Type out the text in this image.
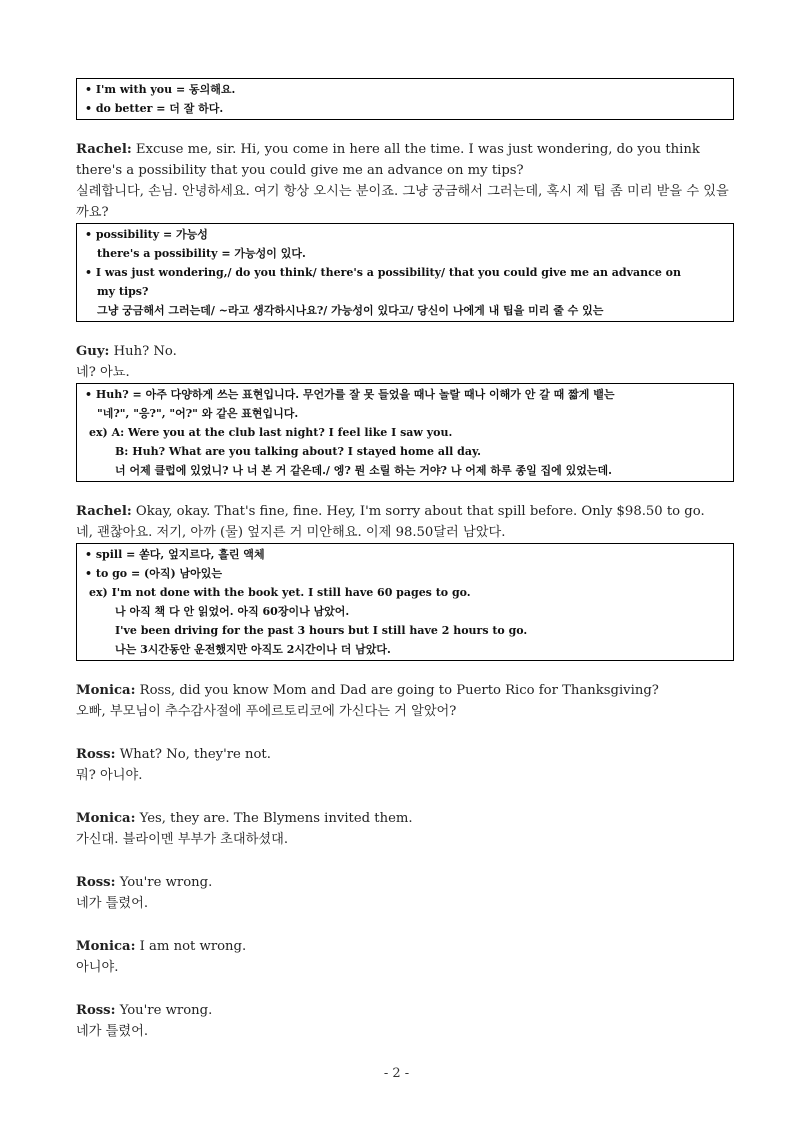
• I'm with you = 동의해요.
• do better = 더 잘 하다.
Rachel: Excuse me, sir. Hi, you come in here all the time. I was just wondering, do you think there's a possibility that you could give me an advance on my tips?
실례합니다, 손님. 안녕하세요. 여기 항상 오시는 분이죠. 그냥 궁금해서 그러는데, 혹시 제 팁 좀 미리 받을 수 있을까요?
• possibility = 가능성
there's a possibility = 가능성이 있다.
• I was just wondering,/ do you think/ there's a possibility/ that you could give me an advance on
my tips?
그냥 궁금해서 그러는데/ ~라고 생각하시나요?/ 가능성이 있다고/ 당신이 나에게 내 팁을 미리 줄 수 있는
Guy: Huh? No.
네? 아뇨.
• Huh? = 아주 다양하게 쓰는 표현입니다. 무언가를 잘 못 들었을 때나 놀랄 때나 이해가 안 갈 때 짧게 뱉는
"네?", "응?", "어?" 와 같은 표현입니다.
ex) A: Were you at the club last night? I feel like I saw you.
B: Huh? What are you talking about? I stayed home all day.
너 어제 클럽에 있었니? 나 너 본 거 같은데./ 엥? 뭔 소릴 하는 거야? 나 어제 하루 종일 집에 있었는데.
Rachel: Okay, okay. That's fine, fine. Hey, I'm sorry about that spill before. Only $98.50 to go.
네, 괜찮아요. 저기, 아까 (물) 엎지른 거 미안해요. 이제 98.50달러 남았다.
• spill = 쏟다, 엎지르다, 흘린 액체
• to go = (아직) 남아있는
ex) I'm not done with the book yet. I still have 60 pages to go.
나 아직 책 다 안 읽었어. 아직 60장이나 남았어.
I've been driving for the past 3 hours but I still have 2 hours to go.
나는 3시간동안 운전했지만 아직도 2시간이나 더 남았다.
Monica: Ross, did you know Mom and Dad are going to Puerto Rico for Thanksgiving?
오빠, 부모님이 추수감사절에 푸에르토리코에 가신다는 거 알았어?
Ross: What? No, they're not.
뭐? 아니야.
Monica: Yes, they are. The Blymens invited them.
가신대. 블라이멘 부부가 초대하셨대.
Ross: You're wrong.
네가 틀렸어.
Monica: I am not wrong.
아니야.
Ross: You're wrong.
네가 틀렸어.
- 2 -
